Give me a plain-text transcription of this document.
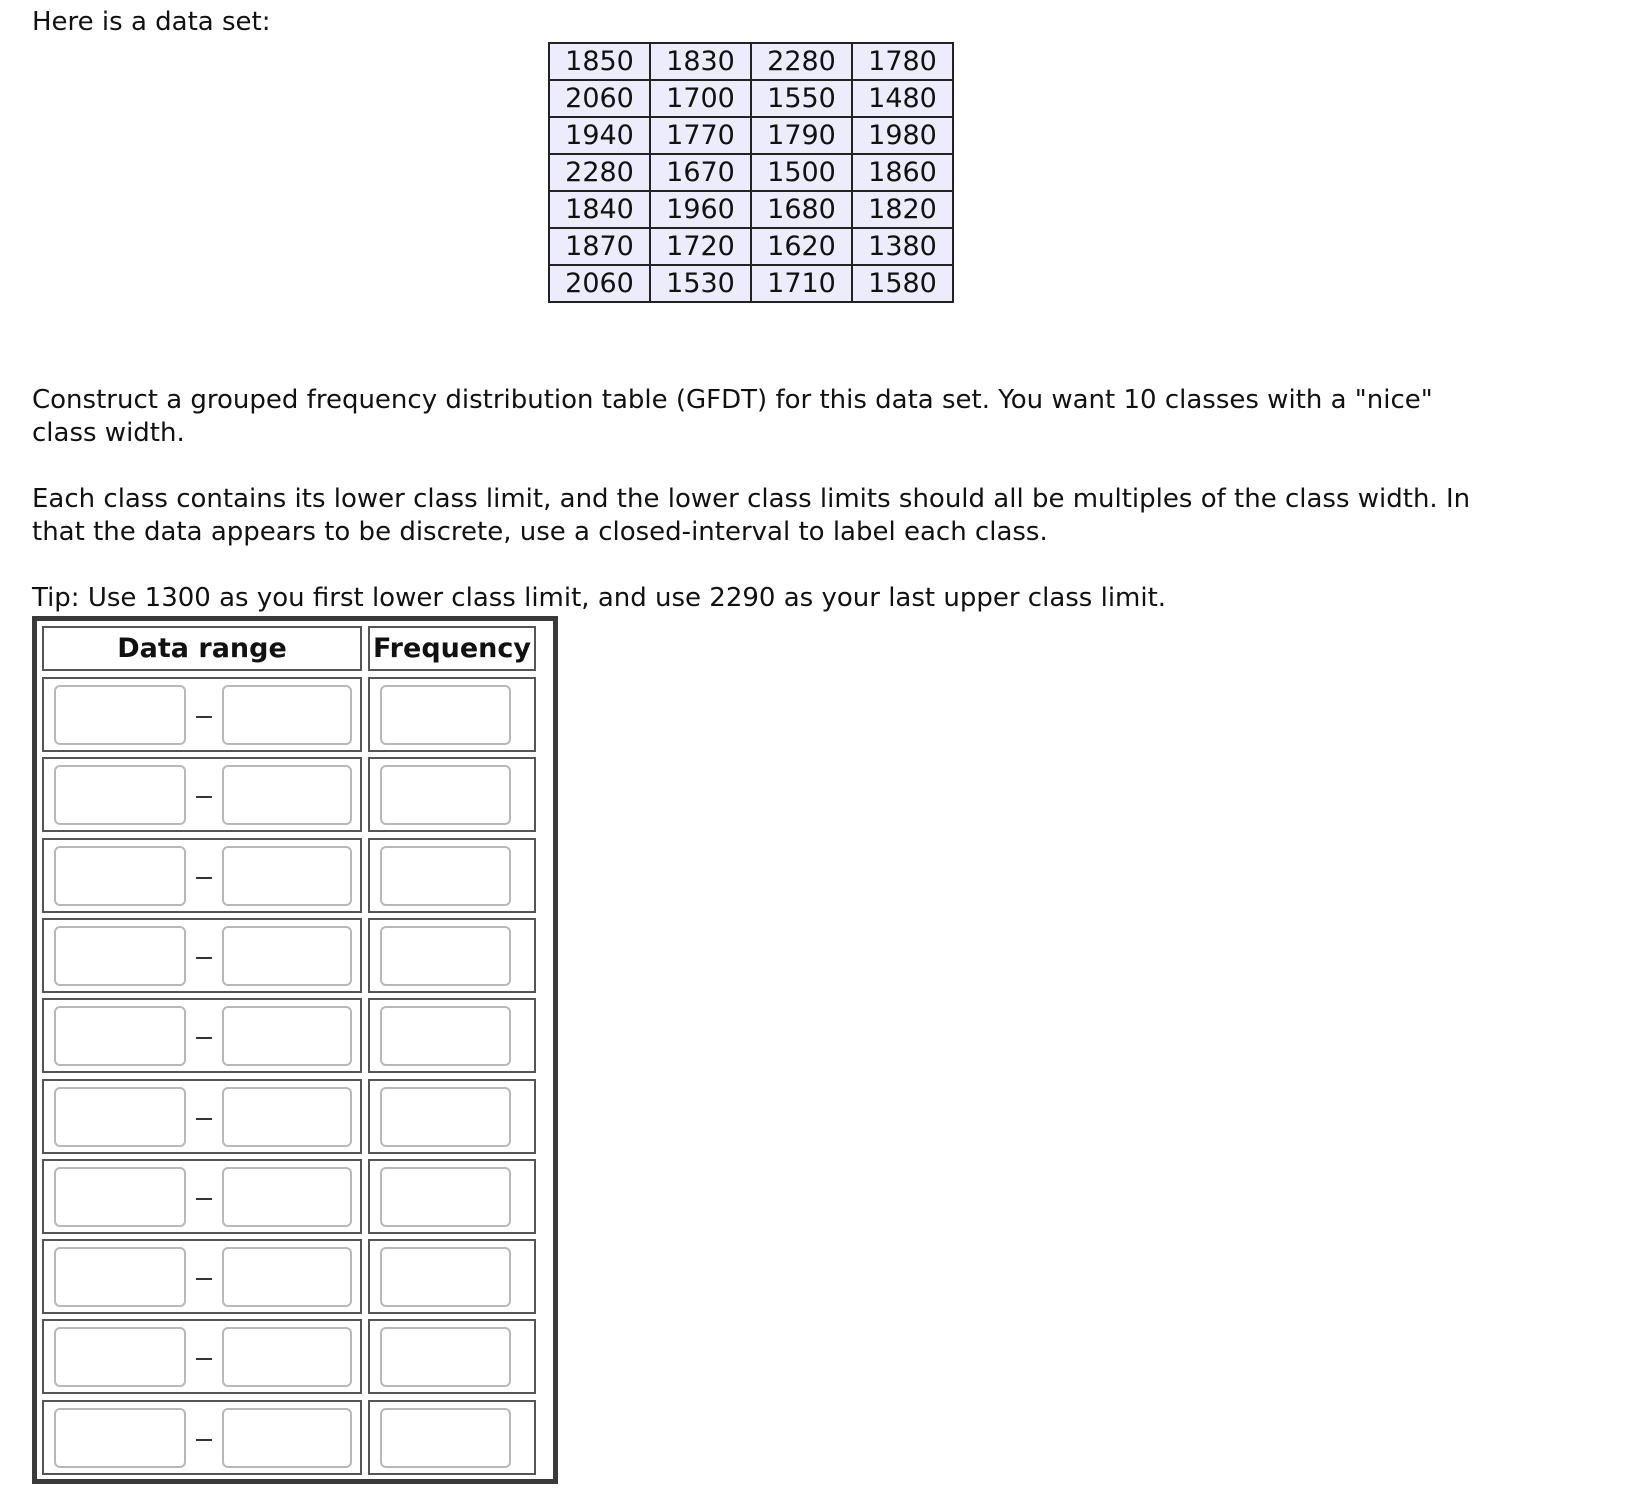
Here is a data set:

1850	1830	2280	1780
2060	1700	1550	1480
1940	1770	1790	1980
2280	1670	1500	1860
1840	1960	1680	1820
1870	1720	1620	1380
2060	1530	1710	1580

Construct a grouped frequency distribution table (GFDT) for this data set. You want 10 classes with a "nice" class width.

Each class contains its lower class limit, and the lower class limits should all be multiples of the class width. In that the data appears to be discrete, use a closed-interval to label each class.

Tip: Use 1300 as you first lower class limit, and use 2290 as your last upper class limit.

Data range	Frequency
